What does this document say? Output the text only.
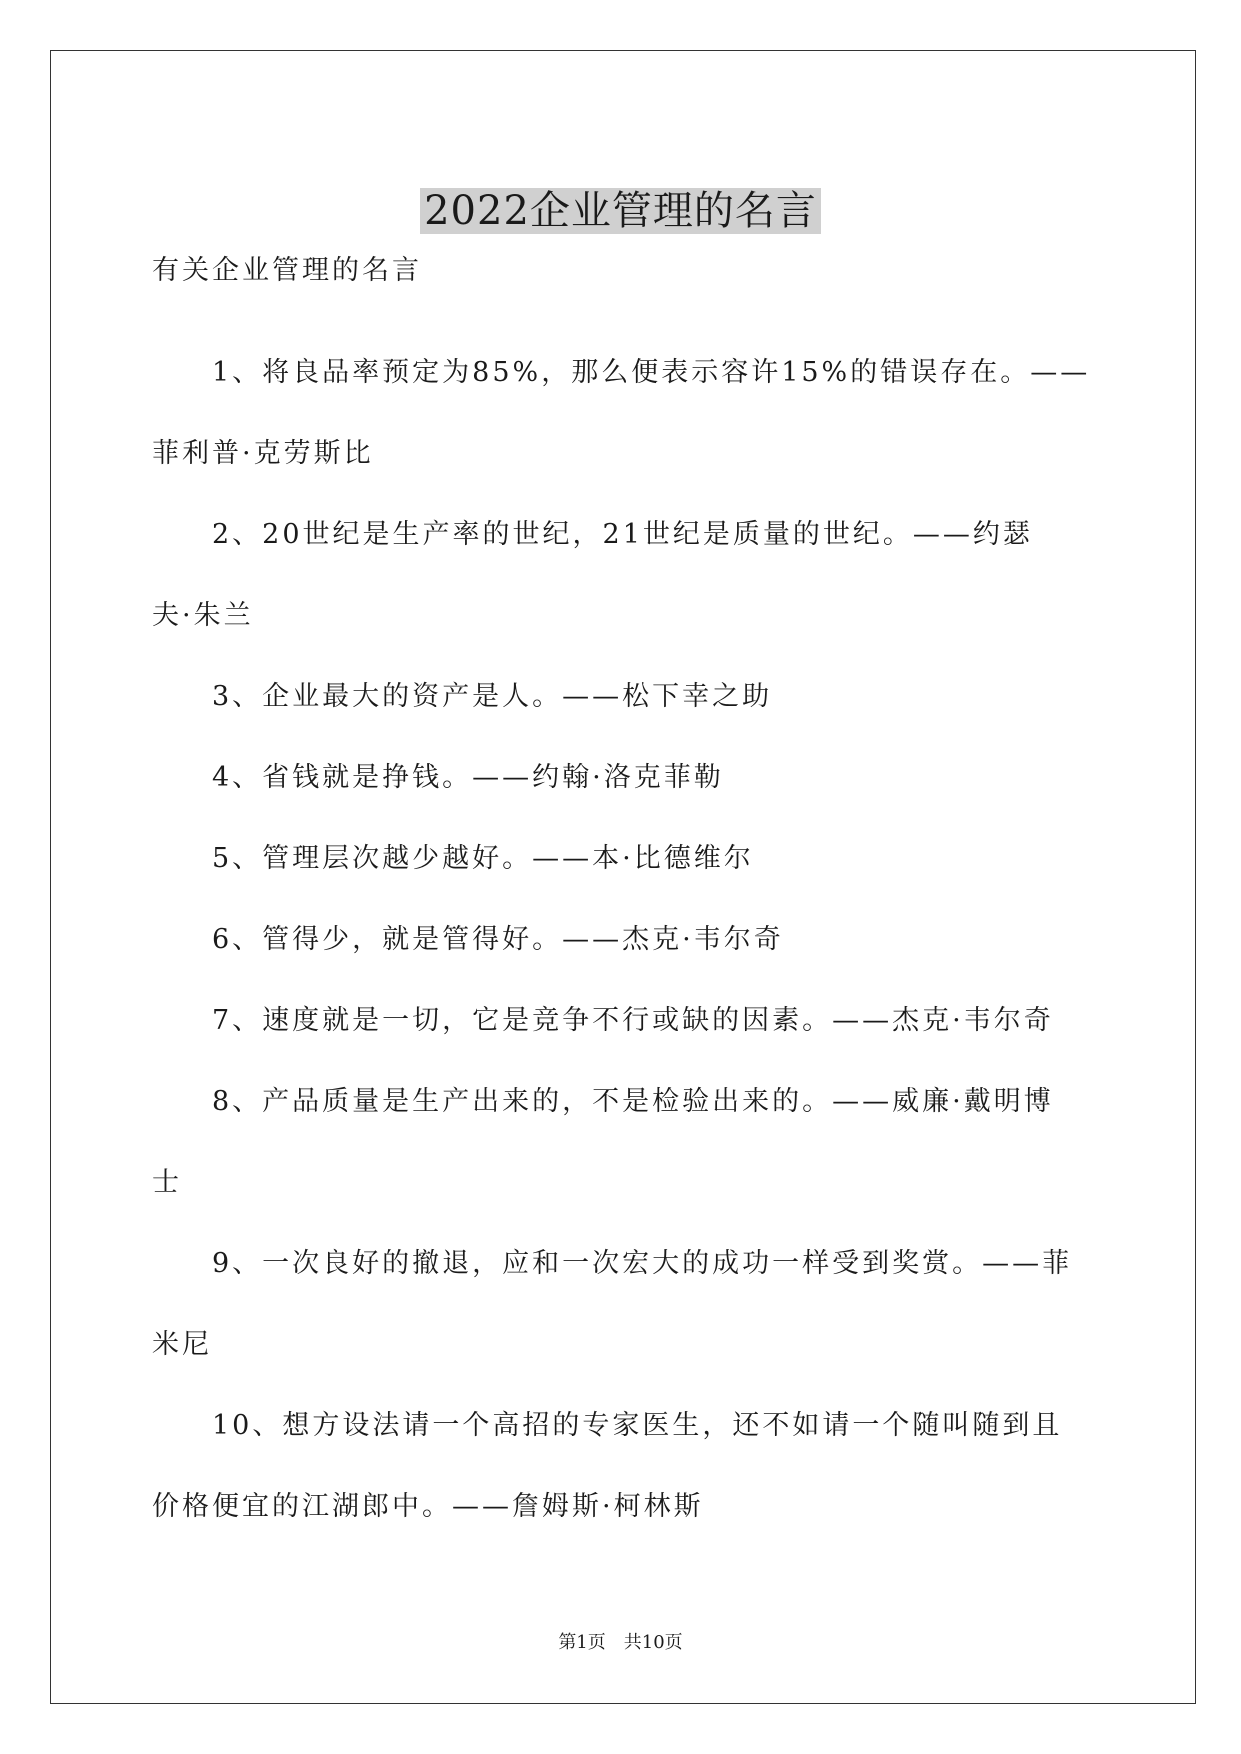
2022企业管理的名言
有关企业管理的名言
1、将良品率预定为85%，那么便表示容许15%的错误存在。——
菲利普·克劳斯比
2、20世纪是生产率的世纪，21世纪是质量的世纪。——约瑟
夫·朱兰
3、企业最大的资产是人。——松下幸之助
4、省钱就是挣钱。——约翰·洛克菲勒
5、管理层次越少越好。——本·比德维尔
6、管得少，就是管得好。——杰克·韦尔奇
7、速度就是一切，它是竞争不行或缺的因素。——杰克·韦尔奇
8、产品质量是生产出来的，不是检验出来的。——威廉·戴明博
士
9、一次良好的撤退，应和一次宏大的成功一样受到奖赏。——菲
米尼
10、想方设法请一个高招的专家医生，还不如请一个随叫随到且
价格便宜的江湖郎中。——詹姆斯·柯林斯
第1页 共10页
